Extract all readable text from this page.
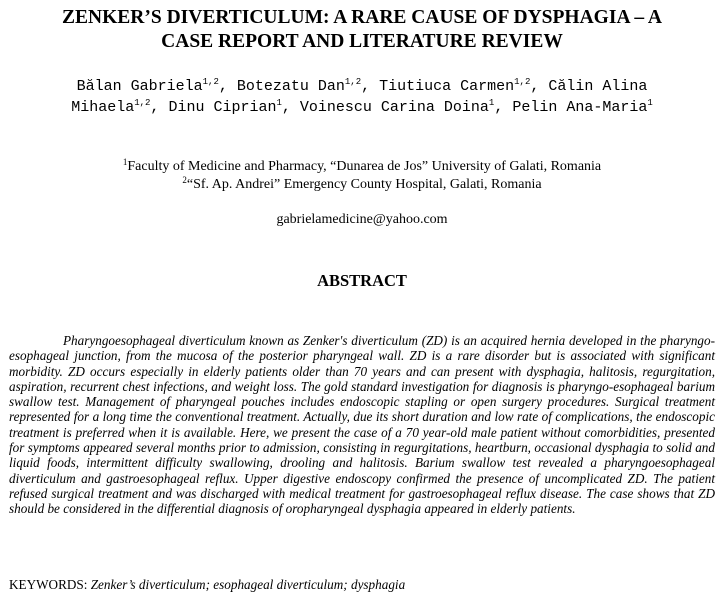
ZENKER’S DIVERTICULUM: A RARE CAUSE OF DYSPHAGIA – A
CASE REPORT AND LITERATURE REVIEW

Bălan Gabriela$^{1,2}$, Botezatu Dan$^{1,2}$, Tiutiuca Carmen$^{1,2}$, Călin Alina Mihaela$^{1,2}$, Dinu Ciprian$^1$, Voinescu Carina Doina$^1$, Pelin Ana-Maria$^1$

$^1$Faculty of Medicine and Pharmacy, “Dunarea de Jos” University of Galati, Romania

$^2$“Sf. Ap. Andrei” Emergency County Hospital, Galati, Romania

gabrielamedicine@yahoo.com
ABSTRACT

Pharyngoesophageal diverticulum known as Zenker's diverticulum (ZD) is an acquired hernia developed in the pharyngo-esophageal junction, from the mucosa of the posterior pharyngeal wall. ZD is a rare disorder but is associated with significant morbidity. ZD occurs especially in elderly patients older than 70 years and can present with dysphagia, halitosis, regurgitation, aspiration, recurrent chest infections, and weight loss. The gold standard investigation for diagnosis is pharyngo-esophageal barium swallow test. Management of pharyngeal pouches includes endoscopic stapling or open surgery procedures. Surgical treatment represented for a long time the conventional treatment. Actually, due its short duration and low rate of complications, the endoscopic treatment is preferred when it is available. Here, we present the case of a 70 year-old male patient without comorbidities, presented for symptoms appeared several months prior to admission, consisting in regurgitations, heartburn, occasional dysphagia to solid and liquid foods, intermittent difficulty swallowing, drooling and halitosis. Barium swallow test revealed a pharyngoesophageal diverticulum and gastroesophageal reflux. Upper digestive endoscopy confirmed the presence of uncomplicated ZD. The patient refused surgical treatment and was discharged with medical treatment for gastroesophageal reflux disease. The case shows that ZD should be considered in the differential diagnosis of oropharyngeal dysphagia appeared in elderly patients.

KEYWORDS: Zenker’s diverticulum; esophageal diverticulum; dysphagia
